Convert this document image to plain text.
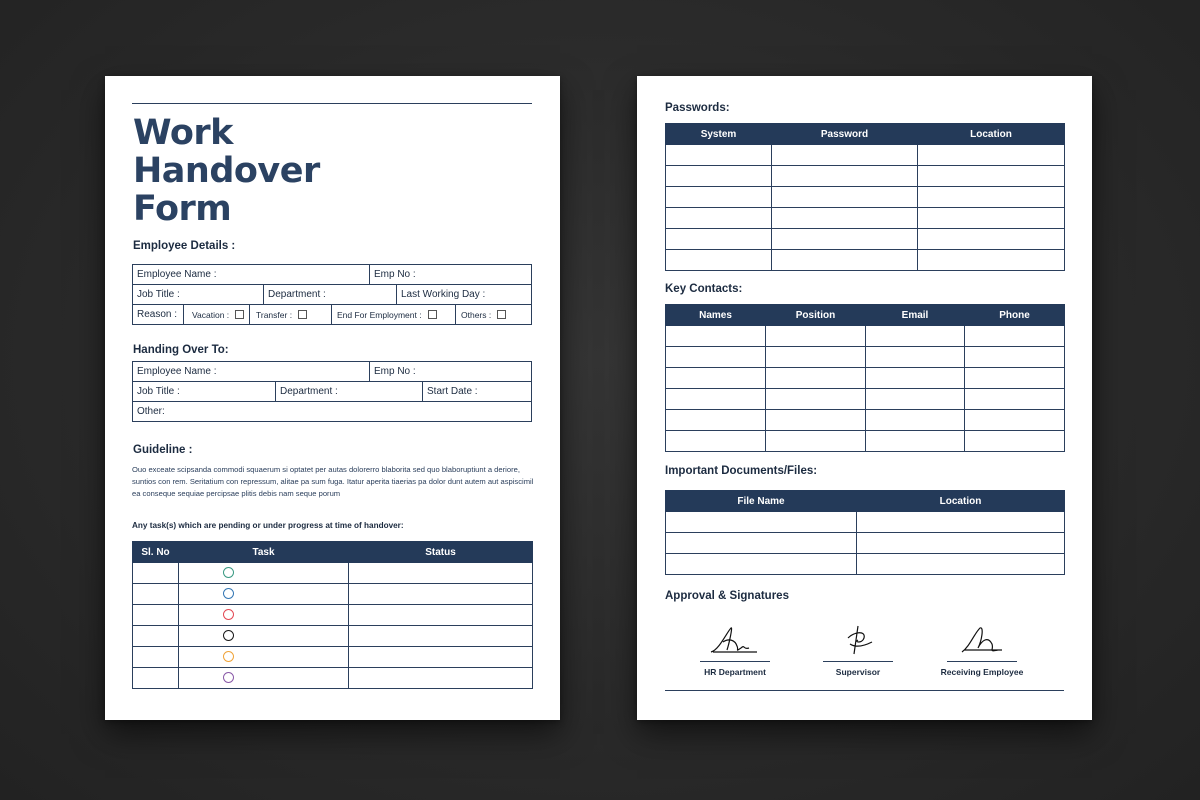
Work
Handover
Form
Employee Details :
Employee Name :	Emp No :
Job Title :	Department :	Last Working Day :
Reason : Vacation :	Transfer :	End For Employment :	Others :
Handing Over To:
Employee Name :	Emp No :
Job Title :	Department :	Start Date :
Other:
Guideline :
Ouo exceate scipsanda commodi squaerum si optatet per autas dolorerro blaborita sed quo blaboruptiunt a deriore, suntios con rem. Seritatium con repressum, alitae pa sum fuga. Itatur aperita tiaerias pa dolor dunt autem aut aspiscimil ea conseque sequiae percipsae plitis debis nam seque porum
Any task(s) which are pending or under progress at time of handover:
Sl. No	Task	Status

Passwords:
System	Password	Location

Key Contacts:
Names	Position	Email	Phone

Important Documents/Files:
File Name	Location

Approval & Signatures
HR Department	Supervisor	Receiving Employee
